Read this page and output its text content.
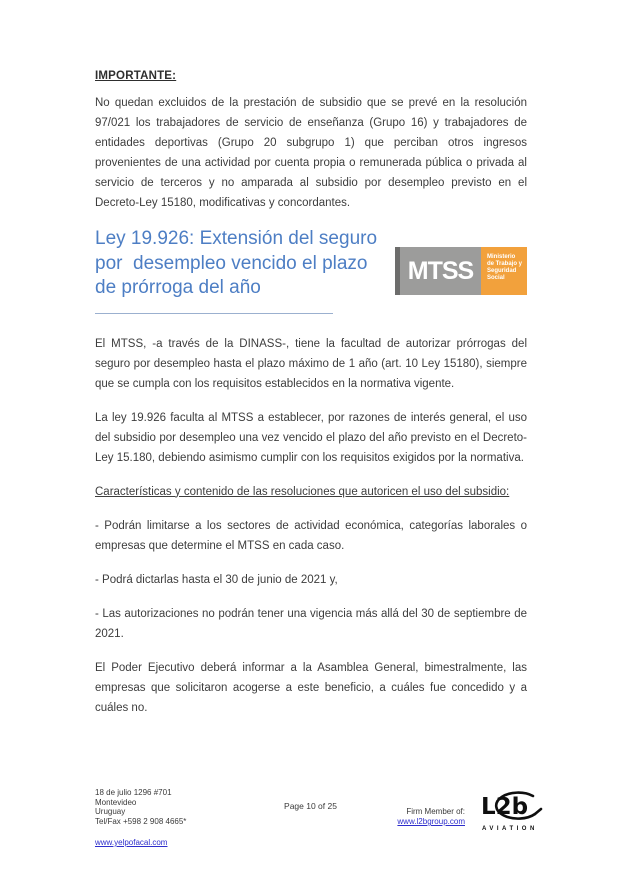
IMPORTANTE:

No quedan excluidos de la prestación de subsidio que se prevé en la resolución 97/021 los trabajadores de servicio de enseñanza (Grupo 16) y trabajadores de entidades deportivas (Grupo 20 subgrupo 1) que perciban otros ingresos provenientes de una actividad por cuenta propia o remunerada pública o privada al servicio de terceros y no amparada al subsidio por desempleo previsto en el Decreto-Ley 15180, modificativas y concordantes.

Ley 19.926: Extensión del seguro
por  desempleo vencido el plazo
de prórroga del año
MTSS	Ministerio de Trabajo y Seguridad Social

El MTSS, -a través de la DINASS-, tiene la facultad de autorizar prórrogas del seguro por desempleo hasta el plazo máximo de 1 año (art. 10 Ley 15180), siempre que se cumpla con los requisitos establecidos en la normativa vigente.

La ley 19.926 faculta al MTSS a establecer, por razones de interés general, el uso del subsidio por desempleo una vez vencido el plazo del año previsto en el Decreto-Ley 15.180, debiendo asimismo cumplir con los requisitos exigidos por la normativa.

Características y contenido de las resoluciones que autoricen el uso del subsidio:

- Podrán limitarse a los sectores de actividad económica, categorías laborales o empresas que determine el MTSS en cada caso.

- Podrá dictarlas hasta el 30 de junio de 2021 y,

- Las autorizaciones no podrán tener una vigencia más allá del 30 de septiembre de 2021.

El Poder Ejecutivo deberá informar a la Asamblea General, bimestralmente, las empresas que solicitaron acogerse a este beneficio, a cuáles fue concedido y a cuáles no.

18 de julio 1296 #701
Montevideo
Uruguay
Tel/Fax +598 2 908 4665*
www.yelpofacal.com
Page 10 of 25
Firm Member of:
www.l2bgroup.com
L2b
AVIATION
